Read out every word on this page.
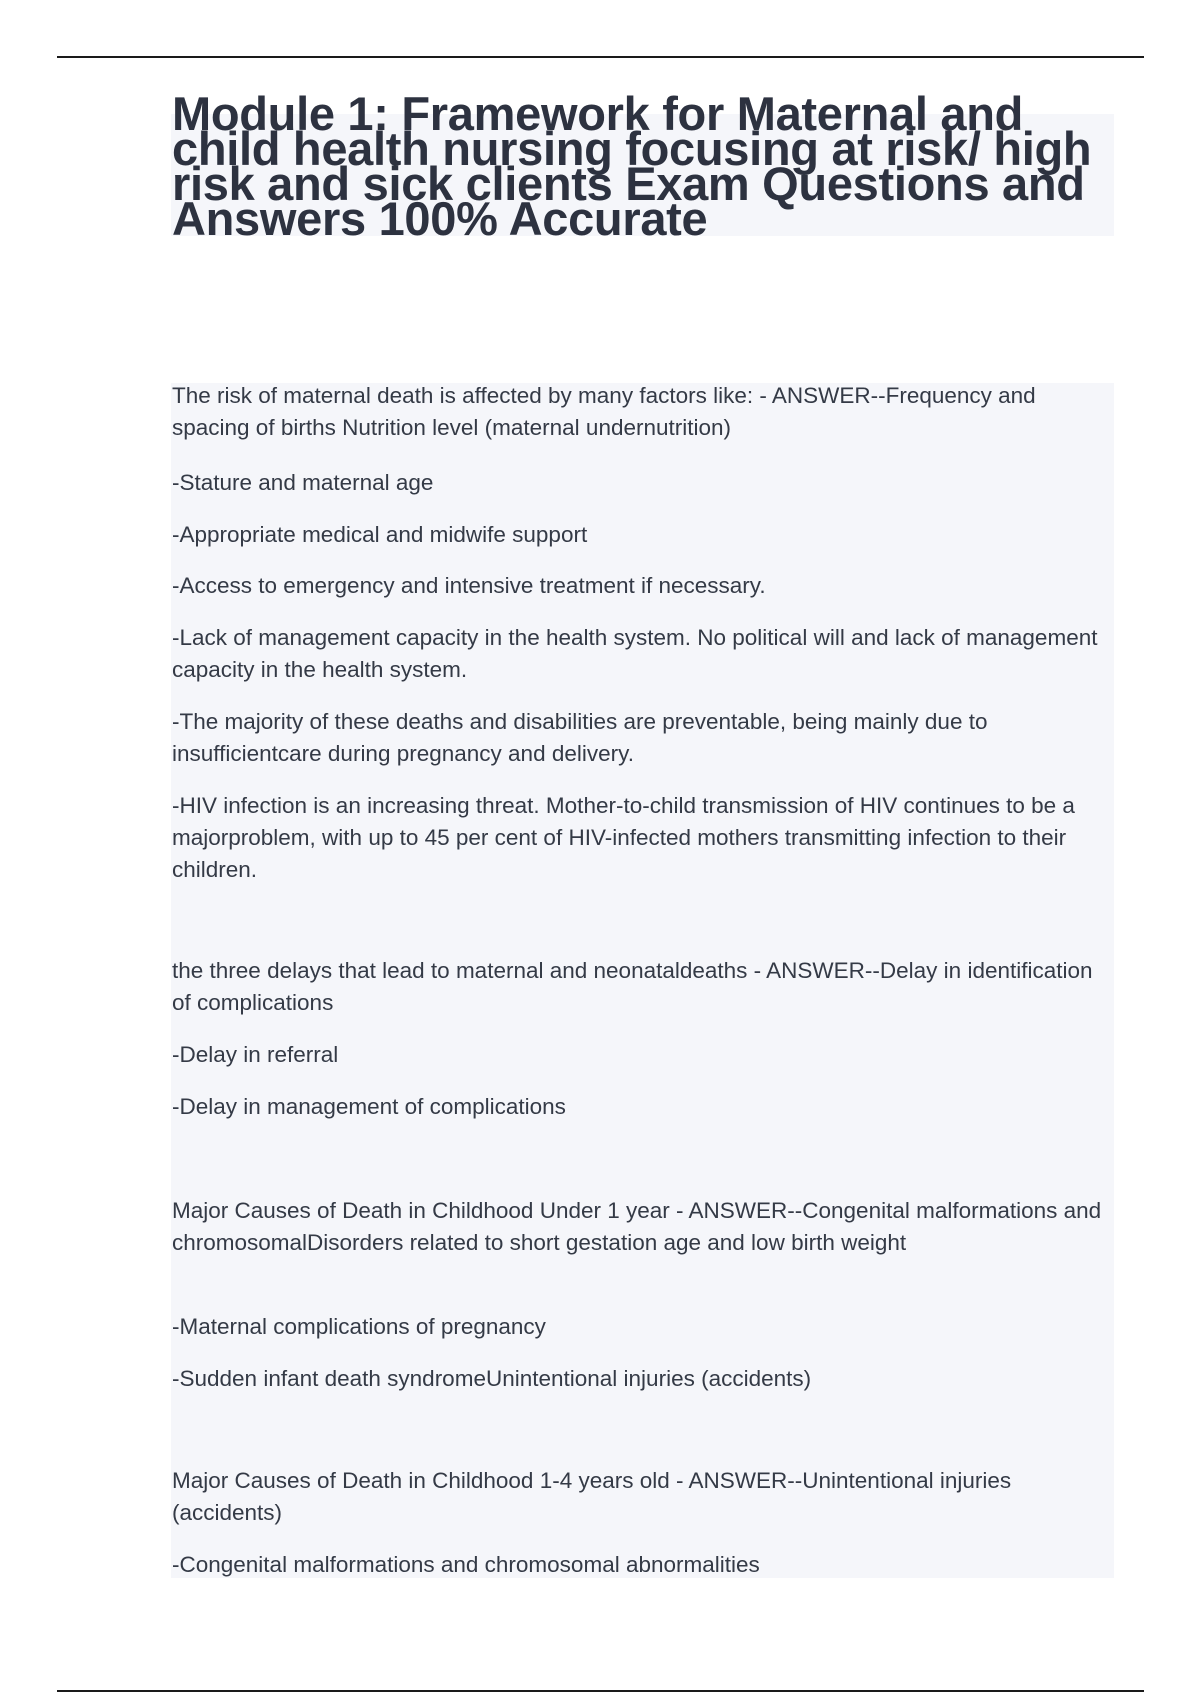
Module 1: Framework for Maternal and child health nursing focusing at risk/ high risk and sick clients Exam Questions and Answers 100% Accurate

The risk of maternal death is affected by many factors like: - ANSWER--Frequency and spacing of births Nutrition level (maternal undernutrition)

-Stature and maternal age

-Appropriate medical and midwife support

-Access to emergency and intensive treatment if necessary.

-Lack of management capacity in the health system. No political will and lack of management capacity in the health system.

-The majority of these deaths and disabilities are preventable, being mainly due to insufficientcare during pregnancy and delivery.

-HIV infection is an increasing threat. Mother-to-child transmission of HIV continues to be a majorproblem, with up to 45 per cent of HIV-infected mothers transmitting infection to their children.

the three delays that lead to maternal and neonataldeaths - ANSWER--Delay in identification of complications

-Delay in referral

-Delay in management of complications

Major Causes of Death in Childhood Under 1 year - ANSWER--Congenital malformations and chromosomalDisorders related to short gestation age and low birth weight

-Maternal complications of pregnancy

-Sudden infant death syndromeUnintentional injuries (accidents)

Major Causes of Death in Childhood 1-4 years old - ANSWER--Unintentional injuries (accidents)

-Congenital malformations and chromosomal abnormalities
